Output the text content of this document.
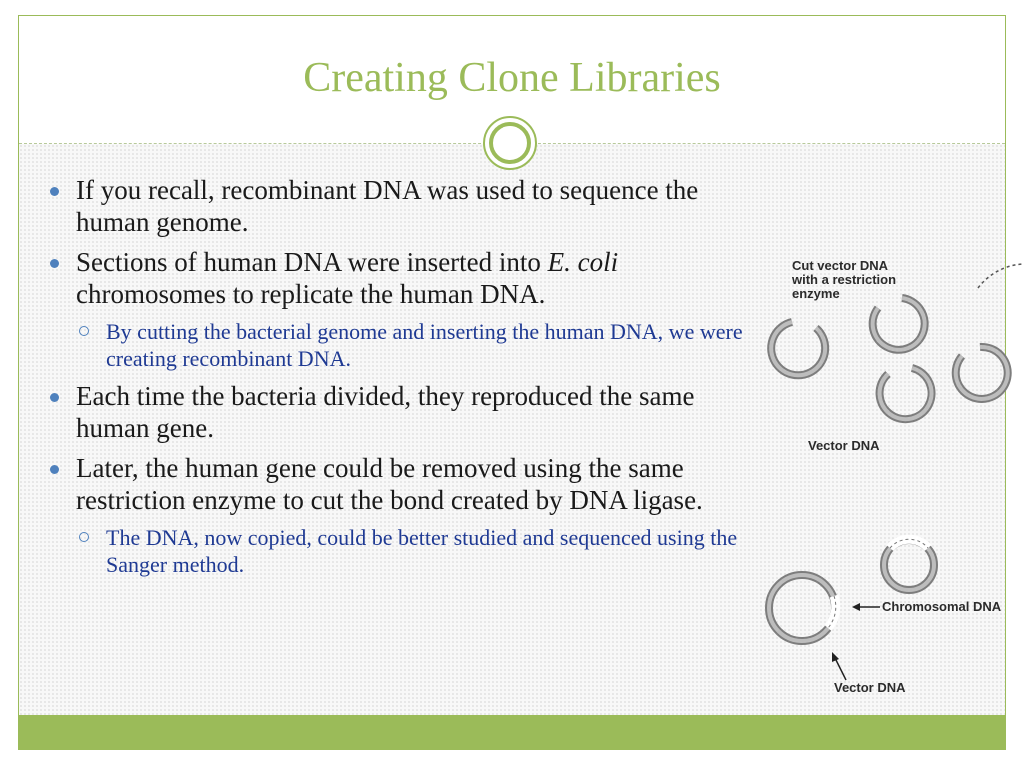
Creating Clone Libraries
If you recall, recombinant DNA was used to sequence the human genome.
Sections of human DNA were inserted into E. coli chromosomes to replicate the human DNA.
By cutting the bacterial genome and inserting the human DNA, we were creating recombinant DNA.
Each time the bacteria divided, they reproduced the same human gene.
Later, the human gene could be removed using the same restriction enzyme to cut the bond created by DNA ligase.
The DNA, now copied, could be better studied and sequenced using the Sanger method.
Cut vector DNA
with a restriction
enzyme
Vector DNA
Chromosomal DNA
Vector DNA
